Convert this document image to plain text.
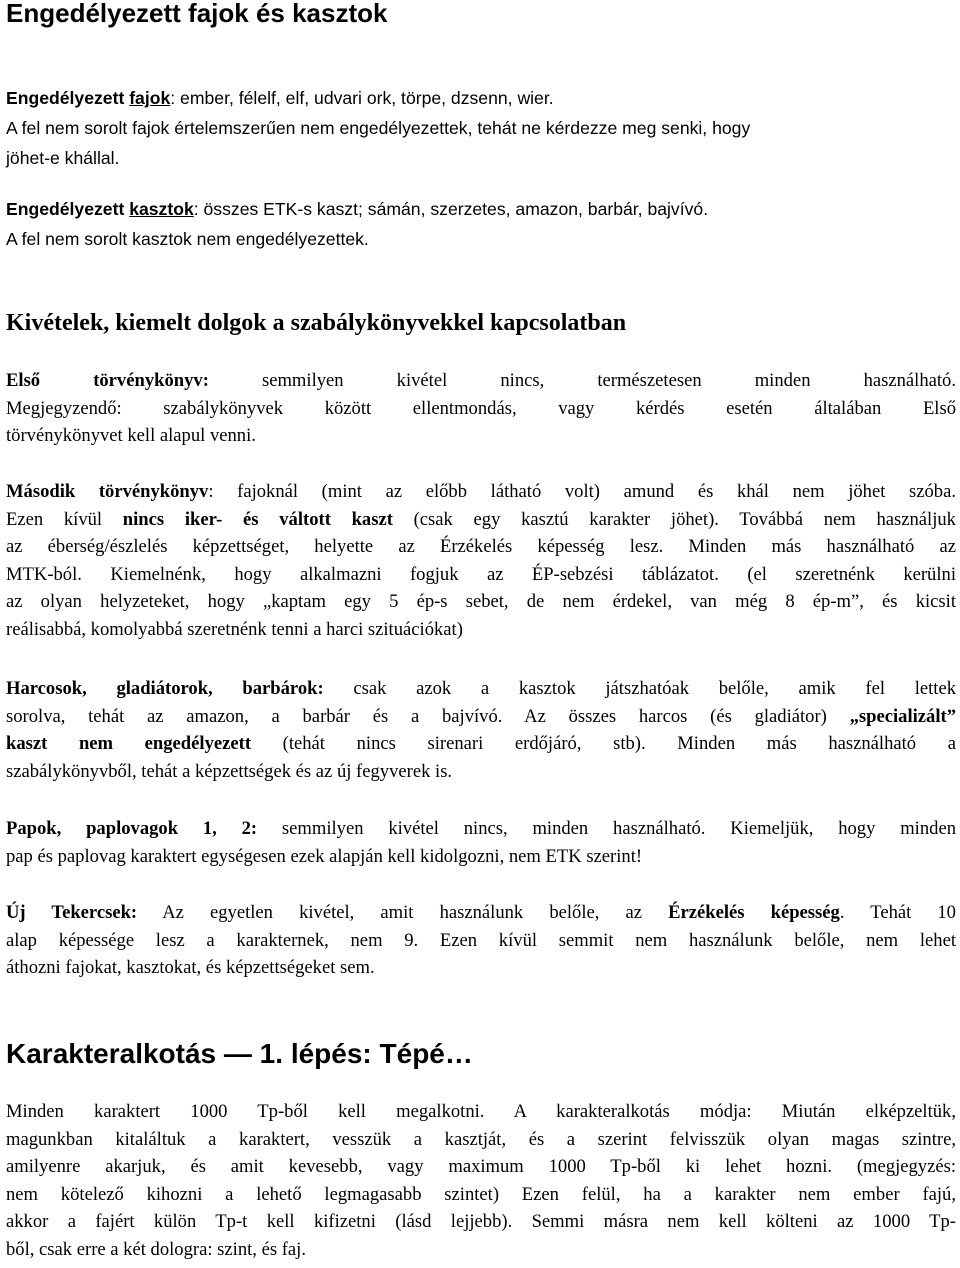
Engedélyezett fajok és kasztok
Engedélyezett fajok: ember, félelf, elf, udvari ork, törpe, dzsenn, wier.
A fel nem sorolt fajok értelemszerűen nem engedélyezettek, tehát ne kérdezze meg senki, hogy
jöhet-e khállal.
Engedélyezett kasztok: összes ETK-s kaszt; sámán, szerzetes, amazon, barbár, bajvívó.
A fel nem sorolt kasztok nem engedélyezettek.
Kivételek, kiemelt dolgok a szabálykönyvekkel kapcsolatban
Első törvénykönyv: semmilyen kivétel nincs, természetesen minden használható.
Megjegyzendő: szabálykönyvek között ellentmondás, vagy kérdés esetén általában Első
törvénykönyvet kell alapul venni.
Második törvénykönyv: fajoknál (mint az előbb látható volt) amund és khál nem jöhet szóba.
Ezen kívül nincs iker- és váltott kaszt (csak egy kasztú karakter jöhet). Továbbá nem használjuk
az éberség/észlelés képzettséget, helyette az Érzékelés képesség lesz. Minden más használható az
MTK-ból. Kiemelnénk, hogy alkalmazni fogjuk az ÉP-sebzési táblázatot. (el szeretnénk kerülni
az olyan helyzeteket, hogy „kaptam egy 5 ép-s sebet, de nem érdekel, van még 8 ép-m”, és kicsit
reálisabbá, komolyabbá szeretnénk tenni a harci szituációkat)
Harcosok, gladiátorok, barbárok: csak azok a kasztok játszhatóak belőle, amik fel lettek
sorolva, tehát az amazon, a barbár és a bajvívó. Az összes harcos (és gladiátor) „specializált”
kaszt nem engedélyezett (tehát nincs sirenari erdőjáró, stb). Minden más használható a
szabálykönyvből, tehát a képzettségek és az új fegyverek is.
Papok, paplovagok 1, 2: semmilyen kivétel nincs, minden használható. Kiemeljük, hogy minden
pap és paplovag karaktert egységesen ezek alapján kell kidolgozni, nem ETK szerint!
Új Tekercsek: Az egyetlen kivétel, amit használunk belőle, az Érzékelés képesség. Tehát 10
alap képessége lesz a karakternek, nem 9. Ezen kívül semmit nem használunk belőle, nem lehet
áthozni fajokat, kasztokat, és képzettségeket sem.
Karakteralkotás — 1. lépés: Tépé…
Minden karaktert 1000 Tp-ből kell megalkotni. A karakteralkotás módja: Miután elképzeltük,
magunkban kitaláltuk a karaktert, vesszük a kasztját, és a szerint felvisszük olyan magas szintre,
amilyenre akarjuk, és amit kevesebb, vagy maximum 1000 Tp-ből ki lehet hozni. (megjegyzés:
nem kötelező kihozni a lehető legmagasabb szintet) Ezen felül, ha a karakter nem ember fajú,
akkor a fajért külön Tp-t kell kifizetni (lásd lejjebb). Semmi másra nem kell költeni az 1000 Tp-
ből, csak erre a két dologra: szint, és faj.
